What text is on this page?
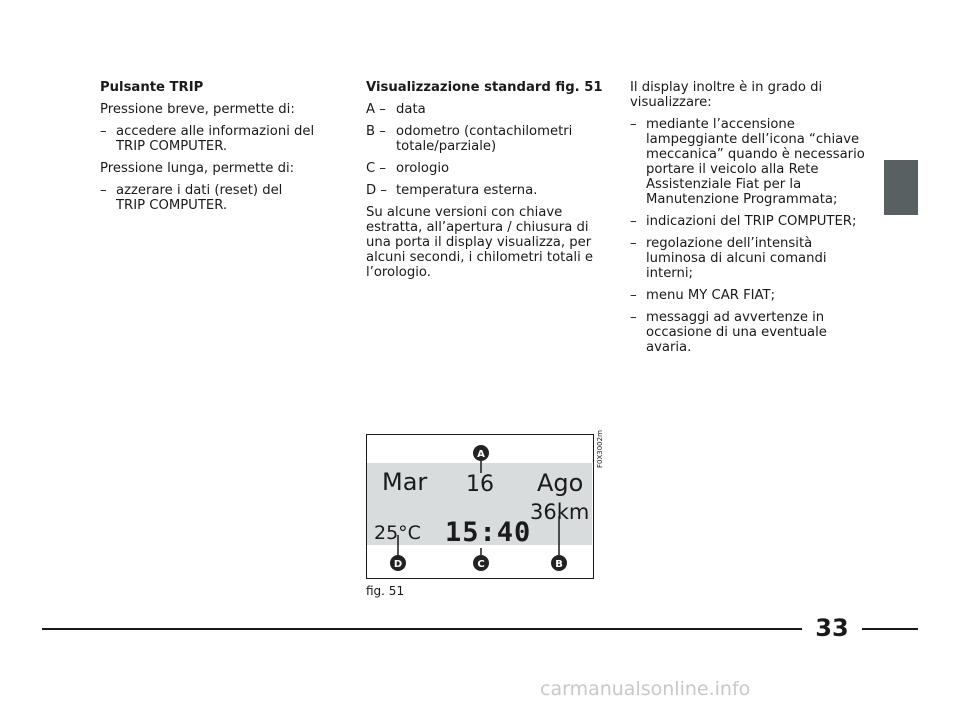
Pulsante TRIP

Pressione breve, permette di:

– accedere alle informazioni del TRIP COMPUTER.

Pressione lunga, permette di:

– azzerare i dati (reset) del TRIP COMPUTER.

Visualizzazione standard fig. 51

A – data
B – odometro (contachilometri totale/parziale)
C – orologio
D – temperatura esterna.

Su alcune versioni con chiave estratta, all’apertura / chiusura di una porta il display visualizza, per alcuni secondi, i chilometri totali e l’orologio.

Il display inoltre è in grado di visualizzare:

– mediante l’accensione lampeggiante dell’icona “chiave meccanica” quando è necessario portare il veicolo alla Rete Assistenziale Fiat per la Manutenzione Programmata;
– indicazioni del TRIP COMPUTER;
– regolazione dell’intensità luminosa di alcuni comandi interni;
– menu MY CAR FIAT;
– messaggi ad avvertenze in occasione di una eventuale avaria.
Mar 16 Ago
36km
25°C 15:40
A
D	C	B
F0X3002m
fig. 51
33
carmanualsonline.info
